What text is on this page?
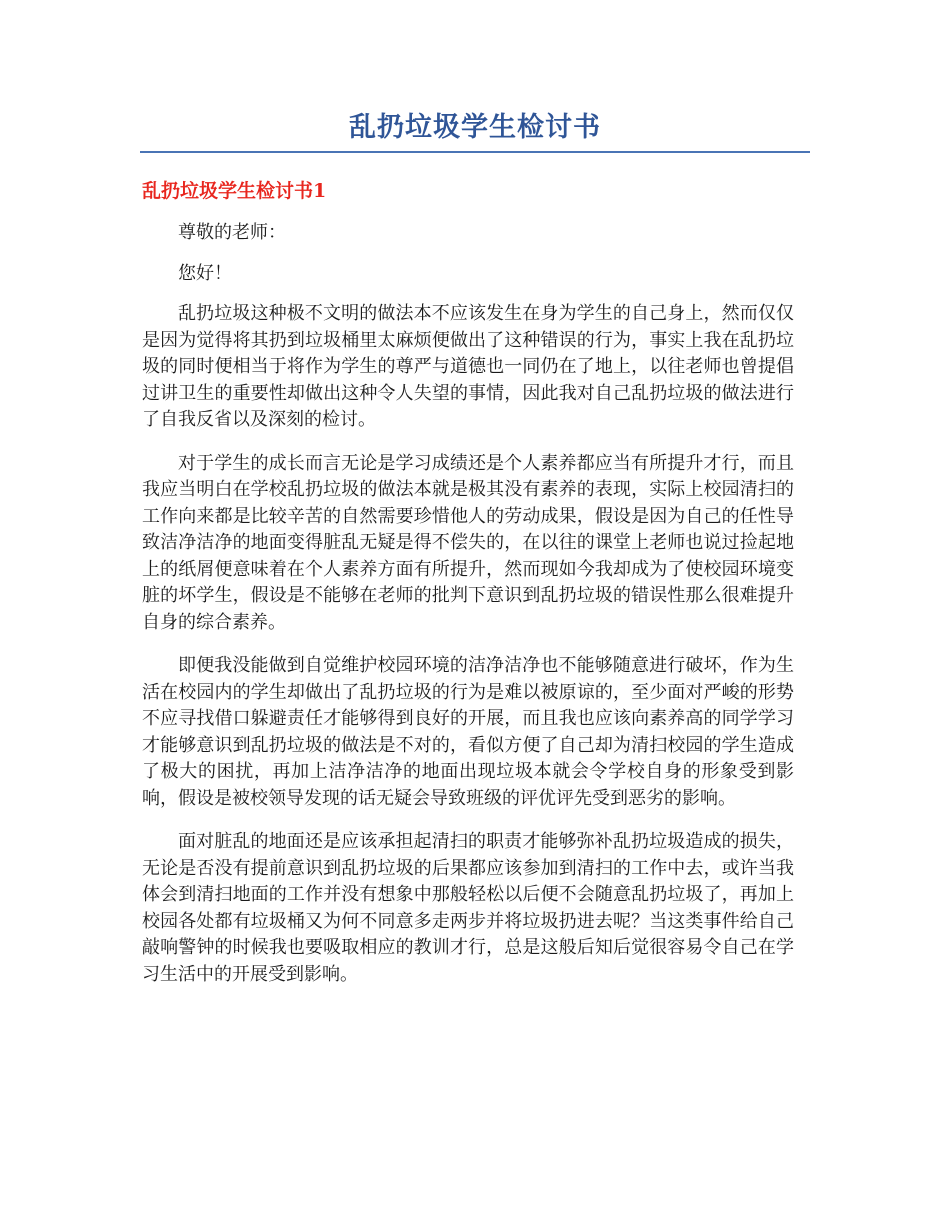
乱扔垃圾学生检讨书
乱扔垃圾学生检讨书1

尊敬的老师：

您好！

乱扔垃圾这种极不文明的做法本不应该发生在身为学生的自己身上，然而仅仅是因为觉得将其扔到垃圾桶里太麻烦便做出了这种错误的行为，事实上我在乱扔垃圾的同时便相当于将作为学生的尊严与道德也一同仍在了地上，以往老师也曾提倡过讲卫生的重要性却做出这种令人失望的事情，因此我对自己乱扔垃圾的做法进行了自我反省以及深刻的检讨。

对于学生的成长而言无论是学习成绩还是个人素养都应当有所提升才行，而且我应当明白在学校乱扔垃圾的做法本就是极其没有素养的表现，实际上校园清扫的工作向来都是比较辛苦的自然需要珍惜他人的劳动成果，假设是因为自己的任性导致洁净洁净的地面变得脏乱无疑是得不偿失的，在以往的课堂上老师也说过捡起地上的纸屑便意味着在个人素养方面有所提升，然而现如今我却成为了使校园环境变脏的坏学生，假设是不能够在老师的批判下意识到乱扔垃圾的错误性那么很难提升自身的综合素养。

即便我没能做到自觉维护校园环境的洁净洁净也不能够随意进行破坏，作为生活在校园内的学生却做出了乱扔垃圾的行为是难以被原谅的，至少面对严峻的形势不应寻找借口躲避责任才能够得到良好的开展，而且我也应该向素养高的同学学习才能够意识到乱扔垃圾的做法是不对的，看似方便了自己却为清扫校园的学生造成了极大的困扰，再加上洁净洁净的地面出现垃圾本就会令学校自身的形象受到影响，假设是被校领导发现的话无疑会导致班级的评优评先受到恶劣的影响。

面对脏乱的地面还是应该承担起清扫的职责才能够弥补乱扔垃圾造成的损失，无论是否没有提前意识到乱扔垃圾的后果都应该参加到清扫的工作中去，或许当我体会到清扫地面的工作并没有想象中那般轻松以后便不会随意乱扔垃圾了，再加上校园各处都有垃圾桶又为何不同意多走两步并将垃圾扔进去呢？当这类事件给自己敲响警钟的时候我也要吸取相应的教训才行，总是这般后知后觉很容易令自己在学习生活中的开展受到影响。
